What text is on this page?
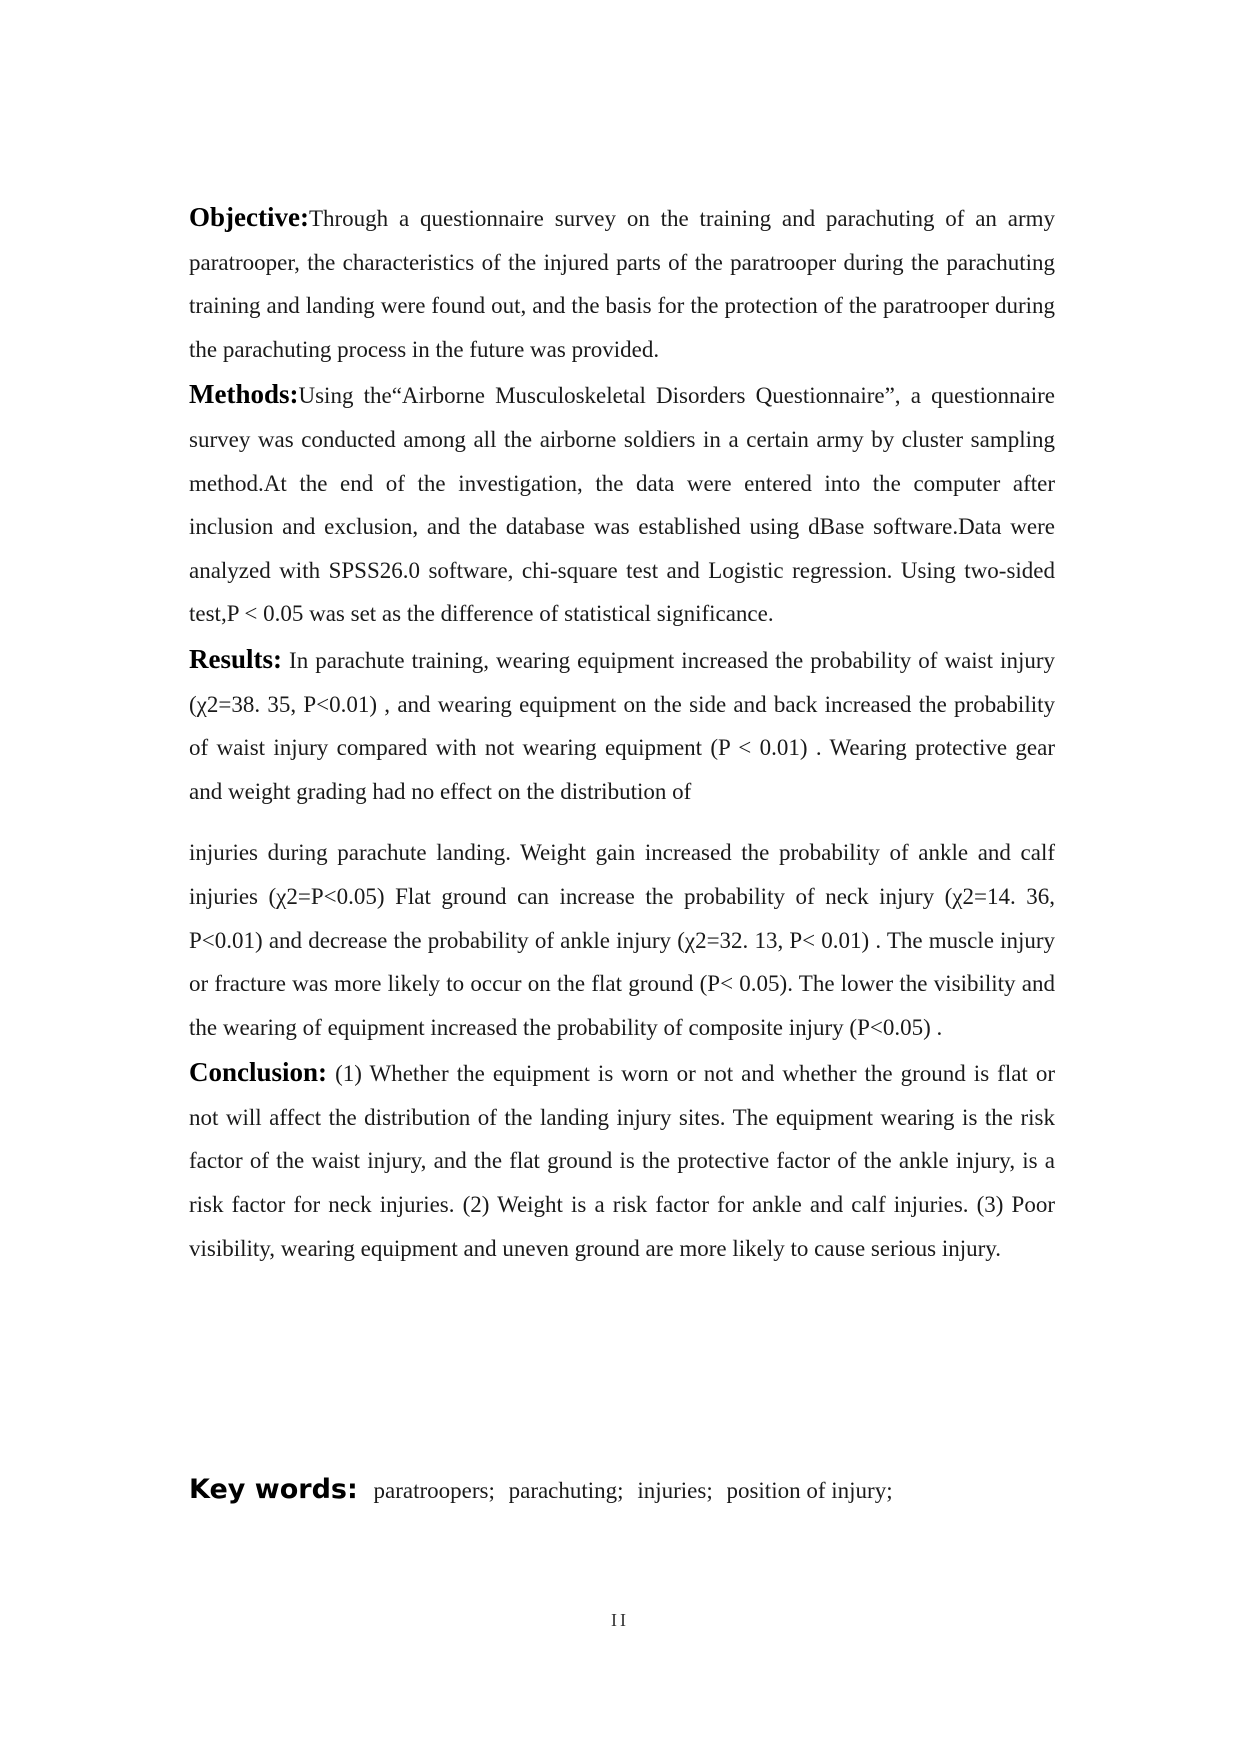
Objective:Through a questionnaire survey on the training and parachuting of an army paratrooper, the characteristics of the injured parts of the paratrooper during the parachuting training and landing were found out, and the basis for the protection of the paratrooper during the parachuting process in the future was provided.

Methods:Using the“Airborne Musculoskeletal Disorders Questionnaire”, a questionnaire survey was conducted among all the airborne soldiers in a certain army by cluster sampling method.At the end of the investigation, the data were entered into the computer after inclusion and exclusion, and the database was established using dBase software.Data were analyzed with SPSS26.0 software, chi-square test and Logistic regression. Using two-sided test,P < 0.05 was set as the difference of statistical significance.

Results: In parachute training, wearing equipment increased the probability of waist injury (χ2=38. 35, P<0.01) , and wearing equipment on the side and back increased the probability of waist injury compared with not wearing equipment (P < 0.01) . Wearing protective gear and weight grading had no effect on the distribution of

injuries during parachute landing. Weight gain increased the probability of ankle and calf injuries (χ2=P<0.05) Flat ground can increase the probability of neck injury (χ2=14. 36, P<0.01) and decrease the probability of ankle injury (χ2=32. 13, P< 0.01) . The muscle injury or fracture was more likely to occur on the flat ground (P< 0.05). The lower the visibility and the wearing of equipment increased the probability of composite injury (P<0.05) .

Conclusion: (1) Whether the equipment is worn or not and whether the ground is flat or not will affect the distribution of the landing injury sites. The equipment wearing is the risk factor of the waist injury, and the flat ground is the protective factor of the ankle injury, is a risk factor for neck injuries. (2) Weight is a risk factor for ankle and calf injuries. (3) Poor visibility, wearing equipment and uneven ground are more likely to cause serious injury.

Key words: paratroopers; parachuting; injuries; position of injury;
II
